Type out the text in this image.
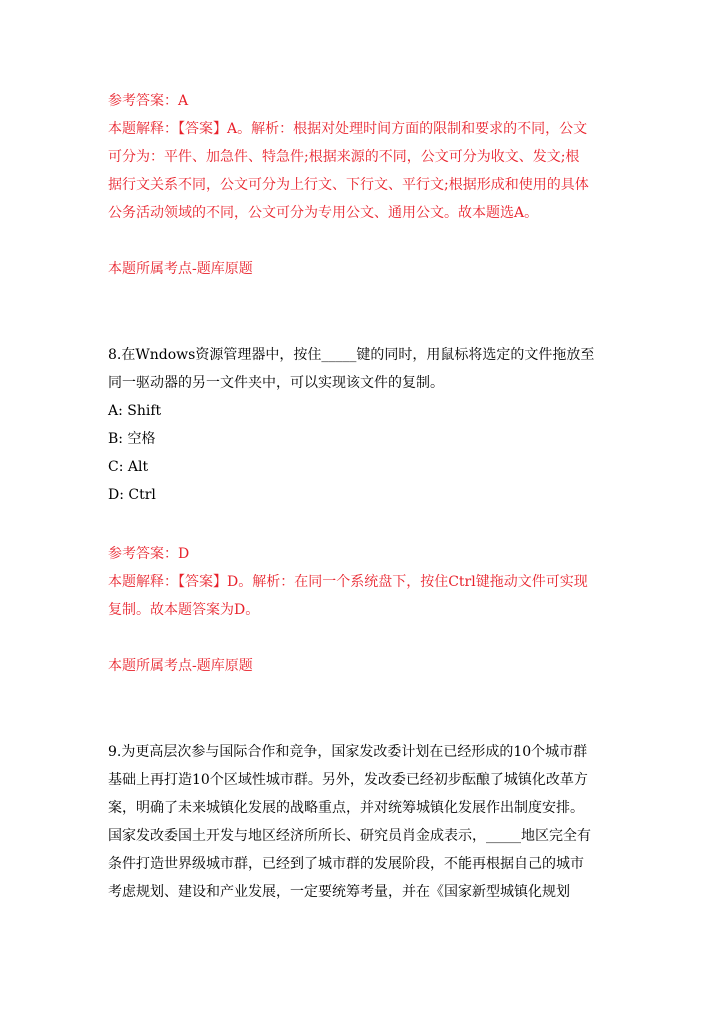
参考答案：A
本题解释：【答案】A。解析：根据对处理时间方面的限制和要求的不同，公文
可分为：平件、加急件、特急件;根据来源的不同，公文可分为收文、发文;根
据行文关系不同，公文可分为上行文、下行文、平行文;根据形成和使用的具体
公务活动领域的不同，公文可分为专用公文、通用公文。故本题选A。
本题所属考点-题库原题
8.在Wndows资源管理器中，按住_____键的同时，用鼠标将选定的文件拖放至
同一驱动器的另一文件夹中，可以实现该文件的复制。
A: Shift
B: 空格
C: Alt
D: Ctrl
参考答案：D
本题解释：【答案】D。解析：在同一个系统盘下，按住Ctrl键拖动文件可实现
复制。故本题答案为D。
本题所属考点-题库原题
9.为更高层次参与国际合作和竞争，国家发改委计划在已经形成的10个城市群
基础上再打造10个区域性城市群。另外，发改委已经初步酝酿了城镇化改革方
案，明确了未来城镇化发展的战略重点，并对统筹城镇化发展作出制度安排。
国家发改委国土开发与地区经济所所长、研究员肖金成表示，_____地区完全有
条件打造世界级城市群，已经到了城市群的发展阶段，不能再根据自己的城市
考虑规划、建设和产业发展，一定要统筹考量，并在《国家新型城镇化规划
